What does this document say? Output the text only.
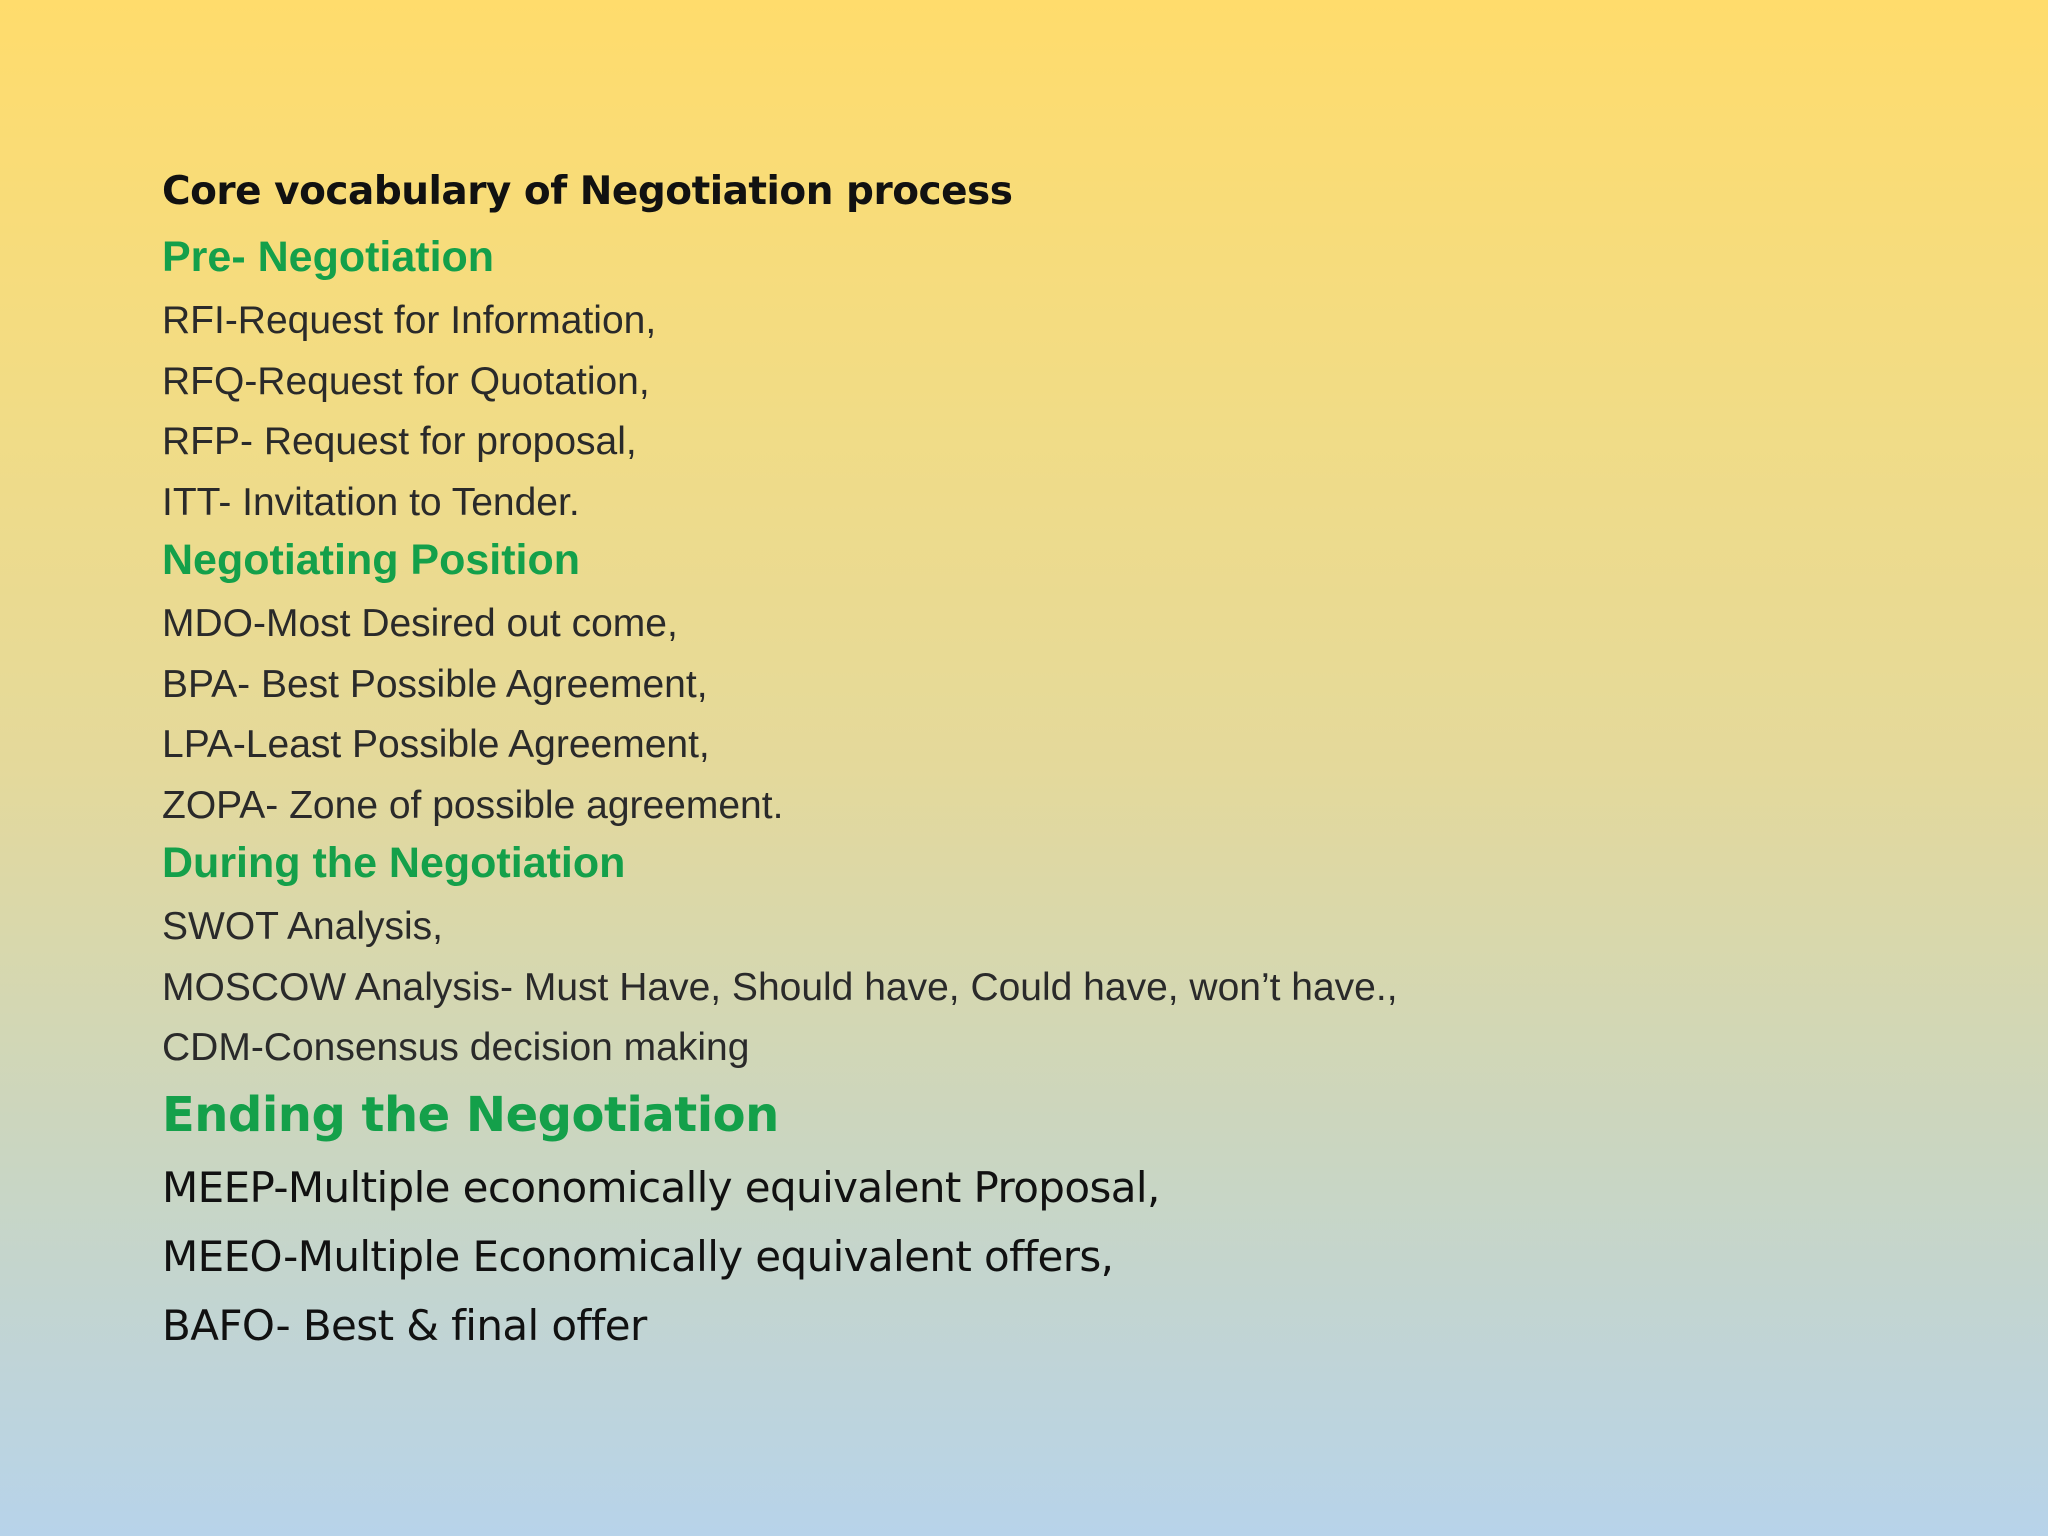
Core vocabulary of Negotiation process
Pre- Negotiation
RFI-Request for Information,
RFQ-Request for Quotation,
RFP- Request for proposal,
ITT- Invitation to Tender.
Negotiating Position
MDO-Most Desired out come,
BPA- Best Possible Agreement,
LPA-Least Possible Agreement,
ZOPA- Zone of possible agreement.
During the Negotiation
SWOT Analysis,
MOSCOW Analysis- Must Have, Should have, Could have, won’t have.,
CDM-Consensus decision making
Ending the Negotiation
MEEP-Multiple economically equivalent Proposal,
MEEO-Multiple Economically equivalent offers,
BAFO- Best & final offer
